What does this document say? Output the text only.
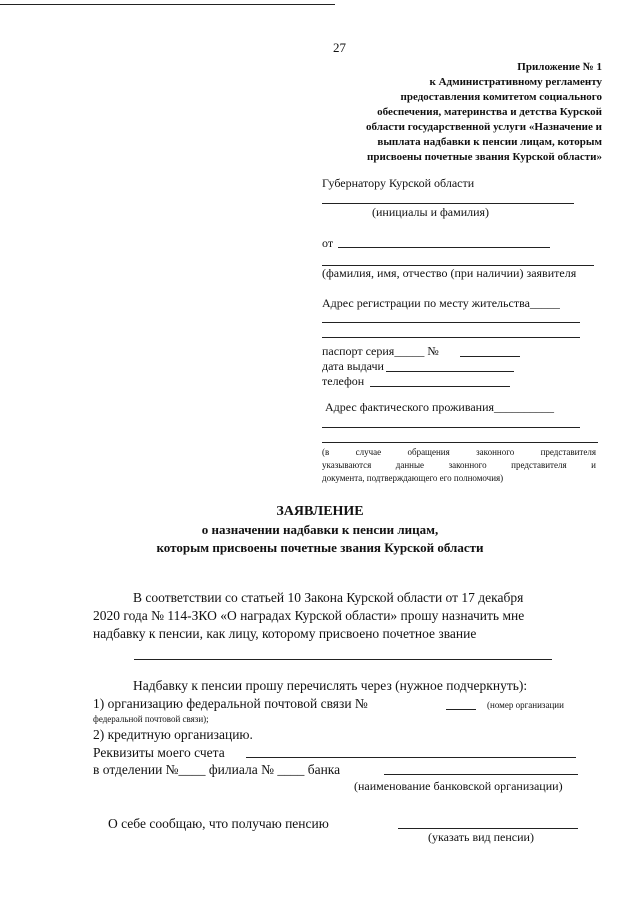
27
Приложение № 1
к Административному регламенту
предоставления комитетом социального
обеспечения, материнства и детства Курской
области государственной услуги «Назначение и
выплата надбавки к пенсии лицам, которым
присвоены почетные звания Курской области»
Губернатору Курской области
(инициалы и фамилия)
от
(фамилия, имя, отчество (при наличии) заявителя
Адрес регистрации по месту жительства_____
паспорт серия_____ №
дата выдачи
телефон
Адрес фактического проживания__________
(в	случае	обращения	законного	представителя
указываются	данные	законного	представителя	и
документа, подтверждающего его полномочия)
ЗАЯВЛЕНИЕ
о назначении надбавки к пенсии лицам,
которым присвоены почетные звания Курской области
В соответствии со статьей 10 Закона Курской области от 17 декабря
2020 года № 114-ЗКО «О наградах Курской области» прошу назначить мне
надбавку к пенсии, как лицу, которому присвоено почетное звание
Надбавку к пенсии прошу перечислять через (нужное подчеркнуть):
1) организацию федеральной почтовой связи №	(номер организации
федеральной почтовой связи);
2) кредитную организацию.
Реквизиты моего счета
в отделении №____ филиала № ____ банка
(наименование банковской организации)
О себе сообщаю, что получаю пенсию
(указать вид пенсии)
